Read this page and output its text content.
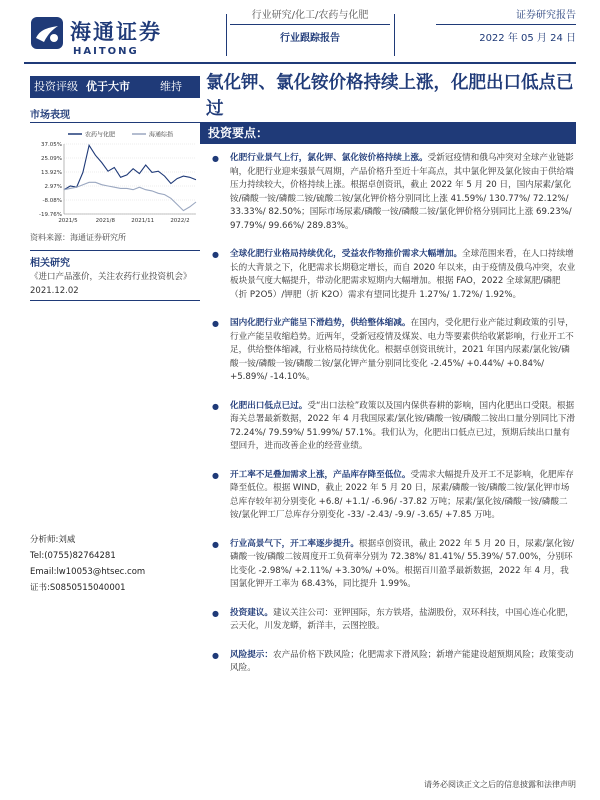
海通证券
HAITONG
行业研究/化工/农药与化肥
行业跟踪报告
证券研究报告
2022 年 05 月 24 日
投资评级 优于大市	维持
市场表现
农药与化肥	海通综指
37.05%
25.09%
13.92%
2.97%
-8.08%
-19.76%
2021/5	2021/8	2021/11	2022/2
资料来源：海通证券研究所
相关研究
《进口产品涨价，关注农药行业投资机会》2021.12.02
分析师:刘威
Tel:(0755)82764281
Email:lw10053@htsec.com
证书:S0850515040001
氯化钾、氯化铵价格持续上涨，化肥出口低点已过
投资要点：
● 化肥行业景气上行，氯化钾、氯化铵价格持续上涨。受新冠疫情和俄乌冲突对全球产业链影响，化肥行业迎来强景气周期，产品价格升至近十年高点，其中氯化钾及氯化铵由于供给端压力持续较大，价格持续上涨。根据卓创资讯，截止 2022 年 5 月 20 日，国内尿素/氯化铵/磷酸一铵/磷酸二铵/硫酸二铵/氯化钾价格分别同比上涨 41.59%/ 130.77%/ 72.12%/ 33.33%/ 82.50%；国际市场尿素/磷酸一铵/磷酸二铵/氯化钾价格分别同比上涨 69.23%/ 97.79%/ 99.66%/ 289.83%。
● 全球化肥行业格局持续优化，受益农作物推价需求大幅增加。全球范围来看，在人口持续增长的大背景之下，化肥需求长期稳定增长，而自 2020 年以来，由于疫情及俄乌冲突，农业板块景气度大幅提升，带动化肥需求短期内大幅增加。根据 FAO，2022 全球氮肥/磷肥（折 P2O5）/钾肥（折 K2O）需求有望同比提升 1.27%/ 1.72%/ 1.92%。
● 国内化肥行业产能呈下滑趋势，供给整体缩减。在国内，受化肥行业产能过剩政策的引导，行业产能呈收缩趋势。近两年，受新冠疫情及煤炭、电力等要素供给收紧影响，行业开工不足，供给整体缩减，行业格局持续优化。根据卓创资讯统计，2021 年国内尿素/氯化铵/磷酸一铵/磷酸一铵/磷酸二铵/氯化钾产量分别同比变化 -2.45%/ +0.44%/ +0.84%/ +5.89%/ -14.10%。
● 化肥出口低点已过。受“出口法检”政策以及国内保供春耕的影响，国内化肥出口受限。根据海关总署最新数据，2022 年 4 月我国尿素/氯化铵/磷酸一铵/磷酸二铵出口量分别同比下滑 72.24%/ 79.59%/ 51.99%/ 57.1%。我们认为，化肥出口低点已过，预期后续出口量有望回升，进而改善企业的经营业绩。
● 开工率不足叠加需求上涨，产品库存降至低位。受需求大幅提升及开工不足影响，化肥库存降至低位。根据 WIND，截止 2022 年 5 月 20 日，尿素/磷酸一铵/磷酸二铵/氯化钾市场总库存较年初分别变化 +6.8/ +1.1/ -6.96/ -37.82 万吨；尿素/氯化铵/磷酸一铵/磷酸二铵/氯化钾工厂总库存分别变化 -33/ -2.43/ -9.9/ -3.65/ +7.85 万吨。
● 行业高景气下，开工率逐步提升。根据卓创资讯，截止 2022 年 5 月 20 日，尿素/氯化铵/磷酸一铵/磷酸二铵周度开工负荷率分别为 72.38%/ 81.41%/ 55.39%/ 57.00%，分别环比变化 -2.98%/ +2.11%/ +3.30%/ +0%。根据百川盈孚最新数据，2022 年 4 月，我国氯化钾开工率为 68.43%，同比提升 1.99%。
● 投资建议。建议关注公司：亚钾国际，东方铁塔，盐湖股份，双环科技，中国心连心化肥，云天化，川发龙蟒，新洋丰，云图控股。
● 风险提示：农产品价格下跌风险；化肥需求下滑风险；新增产能建设超预期风险；政策变动风险。
请务必阅读正文之后的信息披露和法律声明
